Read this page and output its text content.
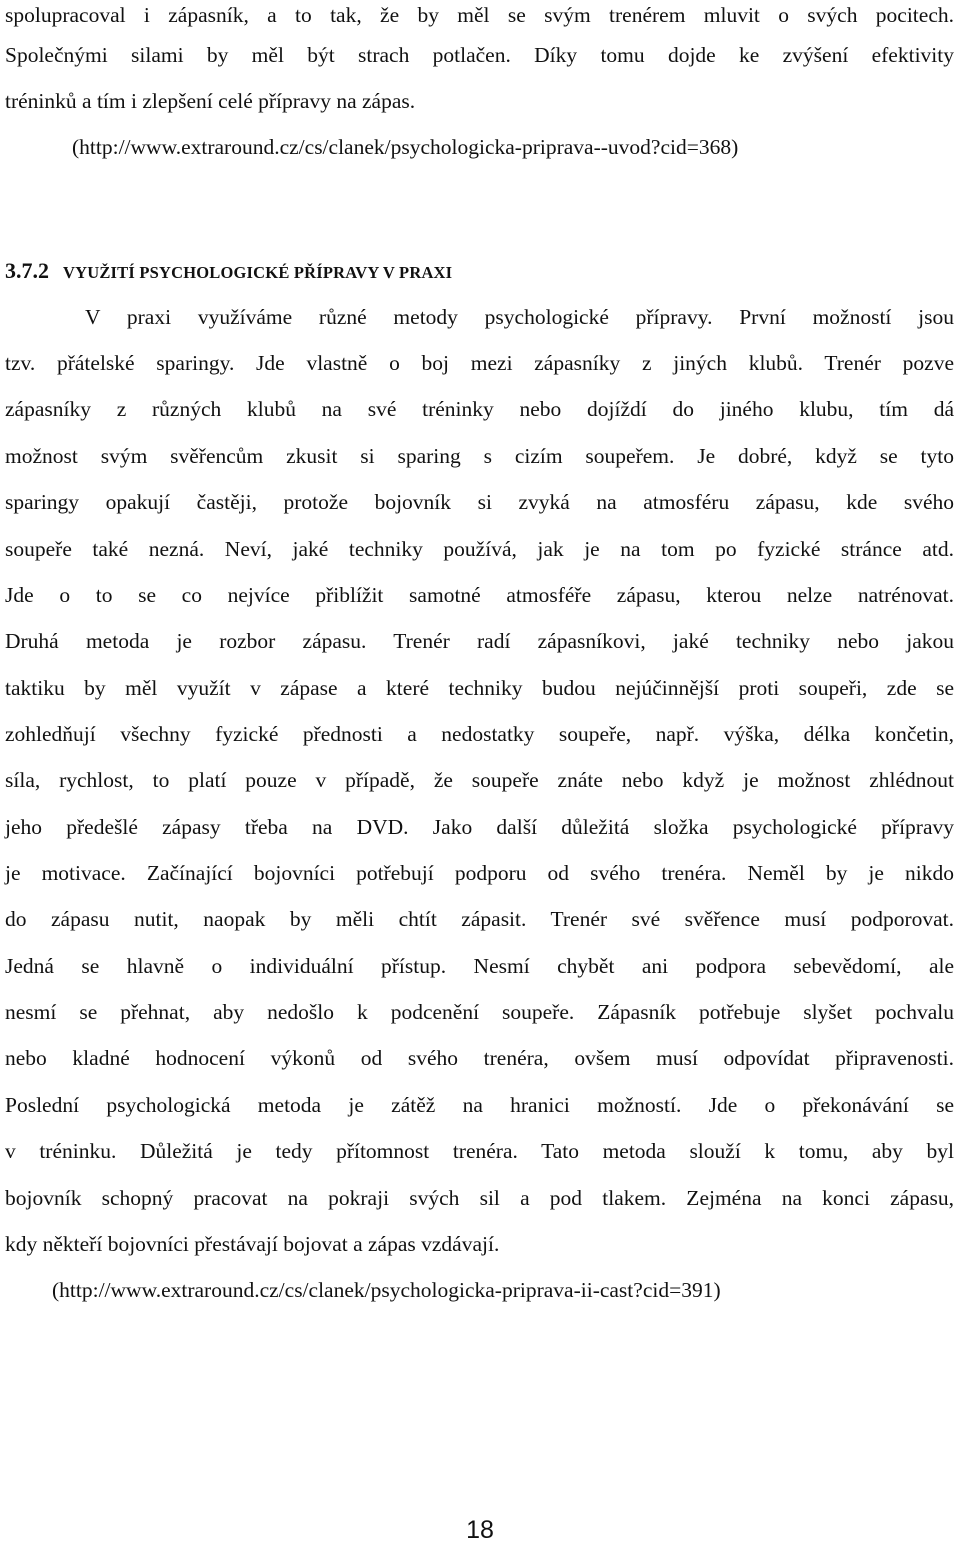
spolupracoval i zápasník, a to tak, že by měl se svým trenérem mluvit o svých pocitech.
Společnými silami by měl být strach potlačen. Díky tomu dojde ke zvýšení efektivity
tréninků a tím i zlepšení celé přípravy na zápas.
(http://www.extraround.cz/cs/clanek/psychologicka-priprava--uvod?cid=368)
3.7.2 VYUŽITÍ PSYCHOLOGICKÉ PŘÍPRAVY V PRAXI
V praxi využíváme různé metody psychologické přípravy. První možností jsou
tzv. přátelské sparingy. Jde vlastně o boj mezi zápasníky z jiných klubů. Trenér pozve
zápasníky z různých klubů na své tréninky nebo dojíždí do jiného klubu, tím dá
možnost svým svěřencům zkusit si sparing s cizím soupeřem. Je dobré, když se tyto
sparingy opakují častěji, protože bojovník si zvyká na atmosféru zápasu, kde svého
soupeře také nezná. Neví, jaké techniky používá, jak je na tom po fyzické stránce atd.
Jde o to se co nejvíce přiblížit samotné atmosféře zápasu, kterou nelze natrénovat.
Druhá metoda je rozbor zápasu. Trenér radí zápasníkovi, jaké techniky nebo jakou
taktiku by měl využít v zápase a které techniky budou nejúčinnější proti soupeři, zde se
zohledňují všechny fyzické přednosti a nedostatky soupeře, např. výška, délka končetin,
síla, rychlost, to platí pouze v případě, že soupeře znáte nebo když je možnost zhlédnout
jeho předešlé zápasy třeba na DVD. Jako další důležitá složka psychologické přípravy
je motivace. Začínající bojovníci potřebují podporu od svého trenéra. Neměl by je nikdo
do zápasu nutit, naopak by měli chtít zápasit. Trenér své svěřence musí podporovat.
Jedná se hlavně o individuální přístup. Nesmí chybět ani podpora sebevědomí, ale
nesmí se přehnat, aby nedošlo k podcenění soupeře. Zápasník potřebuje slyšet pochvalu
nebo kladné hodnocení výkonů od svého trenéra, ovšem musí odpovídat připravenosti.
Poslední psychologická metoda je zátěž na hranici možností. Jde o překonávání se
v tréninku. Důležitá je tedy přítomnost trenéra. Tato metoda slouží k tomu, aby byl
bojovník schopný pracovat na pokraji svých sil a pod tlakem. Zejména na konci zápasu,
kdy někteří bojovníci přestávají bojovat a zápas vzdávají.
(http://www.extraround.cz/cs/clanek/psychologicka-priprava-ii-cast?cid=391)
18
